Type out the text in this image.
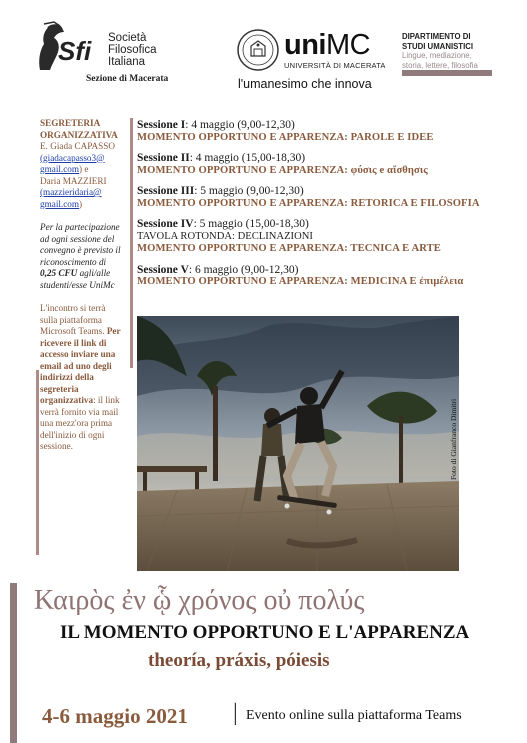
Sfi Società
Filosofica
Italiana
Sezione di Macerata
uniMC
UNIVERSITÀ DI MACERATA
l'umanesimo che innova
DIPARTIMENTO DI
STUDI UMANISTICI
Lingue, mediazione,
storia, lettere, filosofia
SEGRETERIA
ORGANIZZATIVA
E. Giada CAPASSO
(giadacapasso3@
gmail.com) e
Daria MAZZIERI
(mazzieridaria@
gmail.com)
Per la partecipazione ad ogni sessione del convegno è previsto il riconoscimento di 0,25 CFU agli/alle studenti/esse UniMc
L'incontro si terrà sulla piattaforma Microsoft Teams. Per ricevere il link di accesso inviare una email ad uno degli indirizzi della segreteria organizzativa: il link verrà fornito via mail una mezz'ora prima dell'inizio di ogni sessione.
Sessione I: 4 maggio (9,00-12,30)
MOMENTO OPPORTUNO E APPARENZA: PAROLE E IDEE
Sessione II: 4 maggio (15,00-18,30)
MOMENTO OPPORTUNO E APPARENZA: φύσις e αἴσθησις
Sessione III: 5 maggio (9,00-12,30)
MOMENTO OPPORTUNO E APPARENZA: RETORICA E FILOSOFIA
Sessione IV: 5 maggio (15,00-18,30)
TAVOLA ROTONDA: DECLINAZIONI
MOMENTO OPPORTUNO E APPARENZA: TECNICA E ARTE
Sessione V: 6 maggio (9,00-12,30)
MOMENTO OPPORTUNO E APPARENZA: MEDICINA E ἐπιμέλεια
Foto di Gianfranco Dimitri
Καιρὸς ἐν ᾧ χρόνος οὐ πολύς
IL MOMENTO OPPORTUNO E L'APPARENZA
theoría, práxis, póiesis
4-6 maggio 2021 | Evento online sulla piattaforma Teams
